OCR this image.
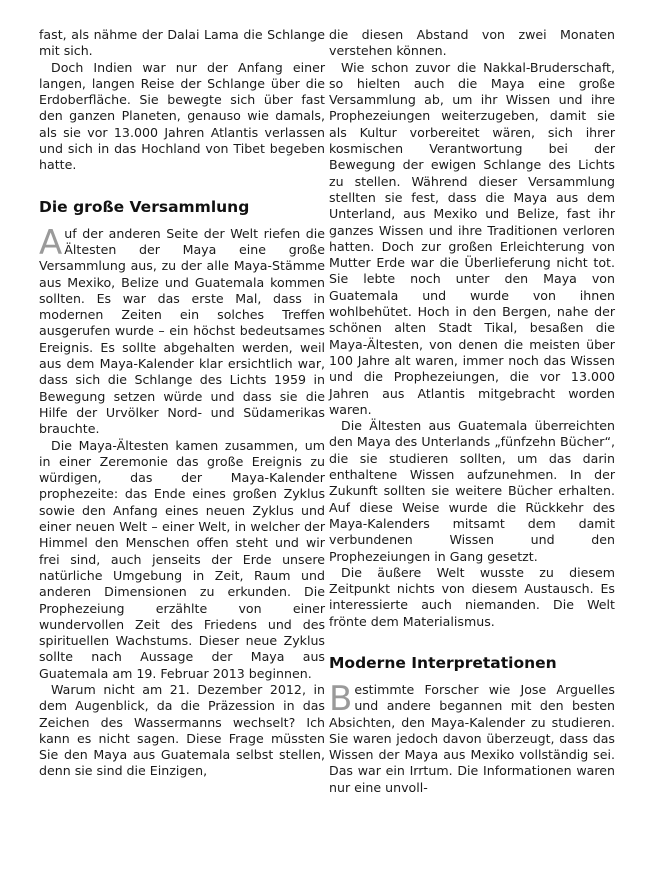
fast, als nähme der Dalai Lama die Schlange mit sich.

Doch Indien war nur der Anfang einer langen, langen Reise der Schlange über die Erdoberfläche. Sie bewegte sich über fast den ganzen Planeten, genauso wie damals, als sie vor 13.000 Jahren Atlantis verlassen und sich in das Hochland von Tibet begeben hatte.

Die große Versammlung

Auf der anderen Seite der Welt riefen die Ältesten der Maya eine große Versammlung aus, zu der alle Maya-Stämme aus Mexiko, Belize und Guatemala kommen sollten. Es war das erste Mal, dass in modernen Zeiten ein solches Treffen ausgerufen wurde – ein höchst bedeutsames Ereignis. Es sollte abgehalten werden, weil aus dem Maya-Kalender klar ersichtlich war, dass sich die Schlange des Lichts 1959 in Bewegung setzen würde und dass sie die Hilfe der Urvölker Nord- und Südamerikas brauchte.

Die Maya-Ältesten kamen zusammen, um in einer Zeremonie das große Ereignis zu würdigen, das der Maya-Kalender prophezeite: das Ende eines großen Zyklus sowie den Anfang eines neuen Zyklus und einer neuen Welt – einer Welt, in welcher der Himmel den Menschen offen steht und wir frei sind, auch jenseits der Erde unsere natürliche Umgebung in Zeit, Raum und anderen Dimensionen zu erkunden. Die Prophezeiung erzählte von einer wundervollen Zeit des Friedens und des spirituellen Wachstums. Dieser neue Zyklus sollte nach Aussage der Maya aus Guatemala am 19. Februar 2013 beginnen.

Warum nicht am 21. Dezember 2012, in dem Augenblick, da die Präzession in das Zeichen des Wassermanns wechselt? Ich kann es nicht sagen. Diese Frage müssten Sie den Maya aus Guatemala selbst stellen, denn sie sind die Einzigen,

die diesen Abstand von zwei Monaten verstehen können.

Wie schon zuvor die Nakkal-Bruderschaft, so hielten auch die Maya eine große Versammlung ab, um ihr Wissen und ihre Prophezeiungen weiterzugeben, damit sie als Kultur vorbereitet wären, sich ihrer kosmischen Verantwortung bei der Bewegung der ewigen Schlange des Lichts zu stellen. Während dieser Versammlung stellten sie fest, dass die Maya aus dem Unterland, aus Mexiko und Belize, fast ihr ganzes Wissen und ihre Traditionen verloren hatten. Doch zur großen Erleichterung von Mutter Erde war die Überlieferung nicht tot. Sie lebte noch unter den Maya von Guatemala und wurde von ihnen wohlbehütet. Hoch in den Bergen, nahe der schönen alten Stadt Tikal, besaßen die Maya-Ältesten, von denen die meisten über 100 Jahre alt waren, immer noch das Wissen und die Prophezeiungen, die vor 13.000 Jahren aus Atlantis mitgebracht worden waren.

Die Ältesten aus Guatemala überreichten den Maya des Unterlands „fünfzehn Bücher“, die sie studieren sollten, um das darin enthaltene Wissen aufzunehmen. In der Zukunft sollten sie weitere Bücher erhalten. Auf diese Weise wurde die Rückkehr des Maya-Kalenders mitsamt dem damit verbundenen Wissen und den Prophezeiungen in Gang gesetzt.

Die äußere Welt wusste zu diesem Zeitpunkt nichts von diesem Austausch. Es interessierte auch niemanden. Die Welt frönte dem Materialismus.

Moderne Interpretationen

Bestimmte Forscher wie Jose Arguelles und andere begannen mit den besten Absichten, den Maya-Kalender zu studieren. Sie waren jedoch davon überzeugt, dass das Wissen der Maya aus Mexiko vollständig sei. Das war ein Irrtum. Die Informationen waren nur eine unvoll-
